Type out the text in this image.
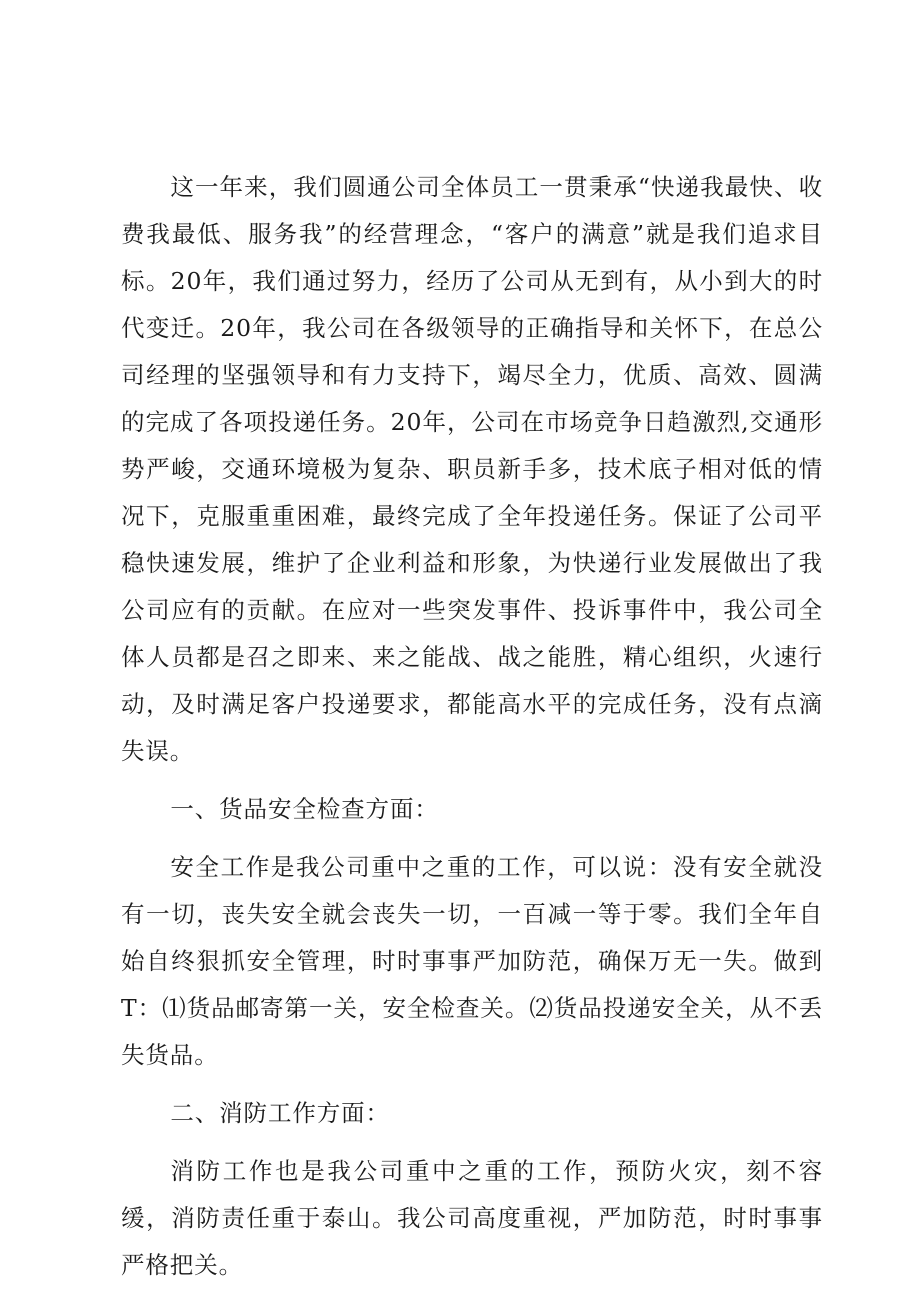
这一年来，我们圆通公司全体员工一贯秉承“快递我最快、收费我最低、服务我”的经营理念，“客户的满意”就是我们追求目标。20年，我们通过努力，经历了公司从无到有，从小到大的时代变迁。20年，我公司在各级领导的正确指导和关怀下，在总公司经理的坚强领导和有力支持下，竭尽全力，优质、高效、圆满的完成了各项投递任务。20年，公司在市场竞争日趋激烈,交通形势严峻，交通环境极为复杂、职员新手多，技术底子相对低的情况下，克服重重困难，最终完成了全年投递任务。保证了公司平稳快速发展，维护了企业利益和形象，为快递行业发展做出了我公司应有的贡献。在应对一些突发事件、投诉事件中，我公司全体人员都是召之即来、来之能战、战之能胜，精心组织，火速行动，及时满足客户投递要求，都能高水平的完成任务，没有点滴失误。

一、货品安全检查方面：

安全工作是我公司重中之重的工作，可以说：没有安全就没有一切，丧失安全就会丧失一切，一百减一等于零。我们全年自始自终狠抓安全管理，时时事事严加防范，确保万无一失。做到T：⑴货品邮寄第一关，安全检查关。⑵货品投递安全关，从不丢失货品。

二、消防工作方面：

消防工作也是我公司重中之重的工作，预防火灾，刻不容缓，消防责任重于泰山。我公司高度重视，严加防范，时时事事严格把关。
